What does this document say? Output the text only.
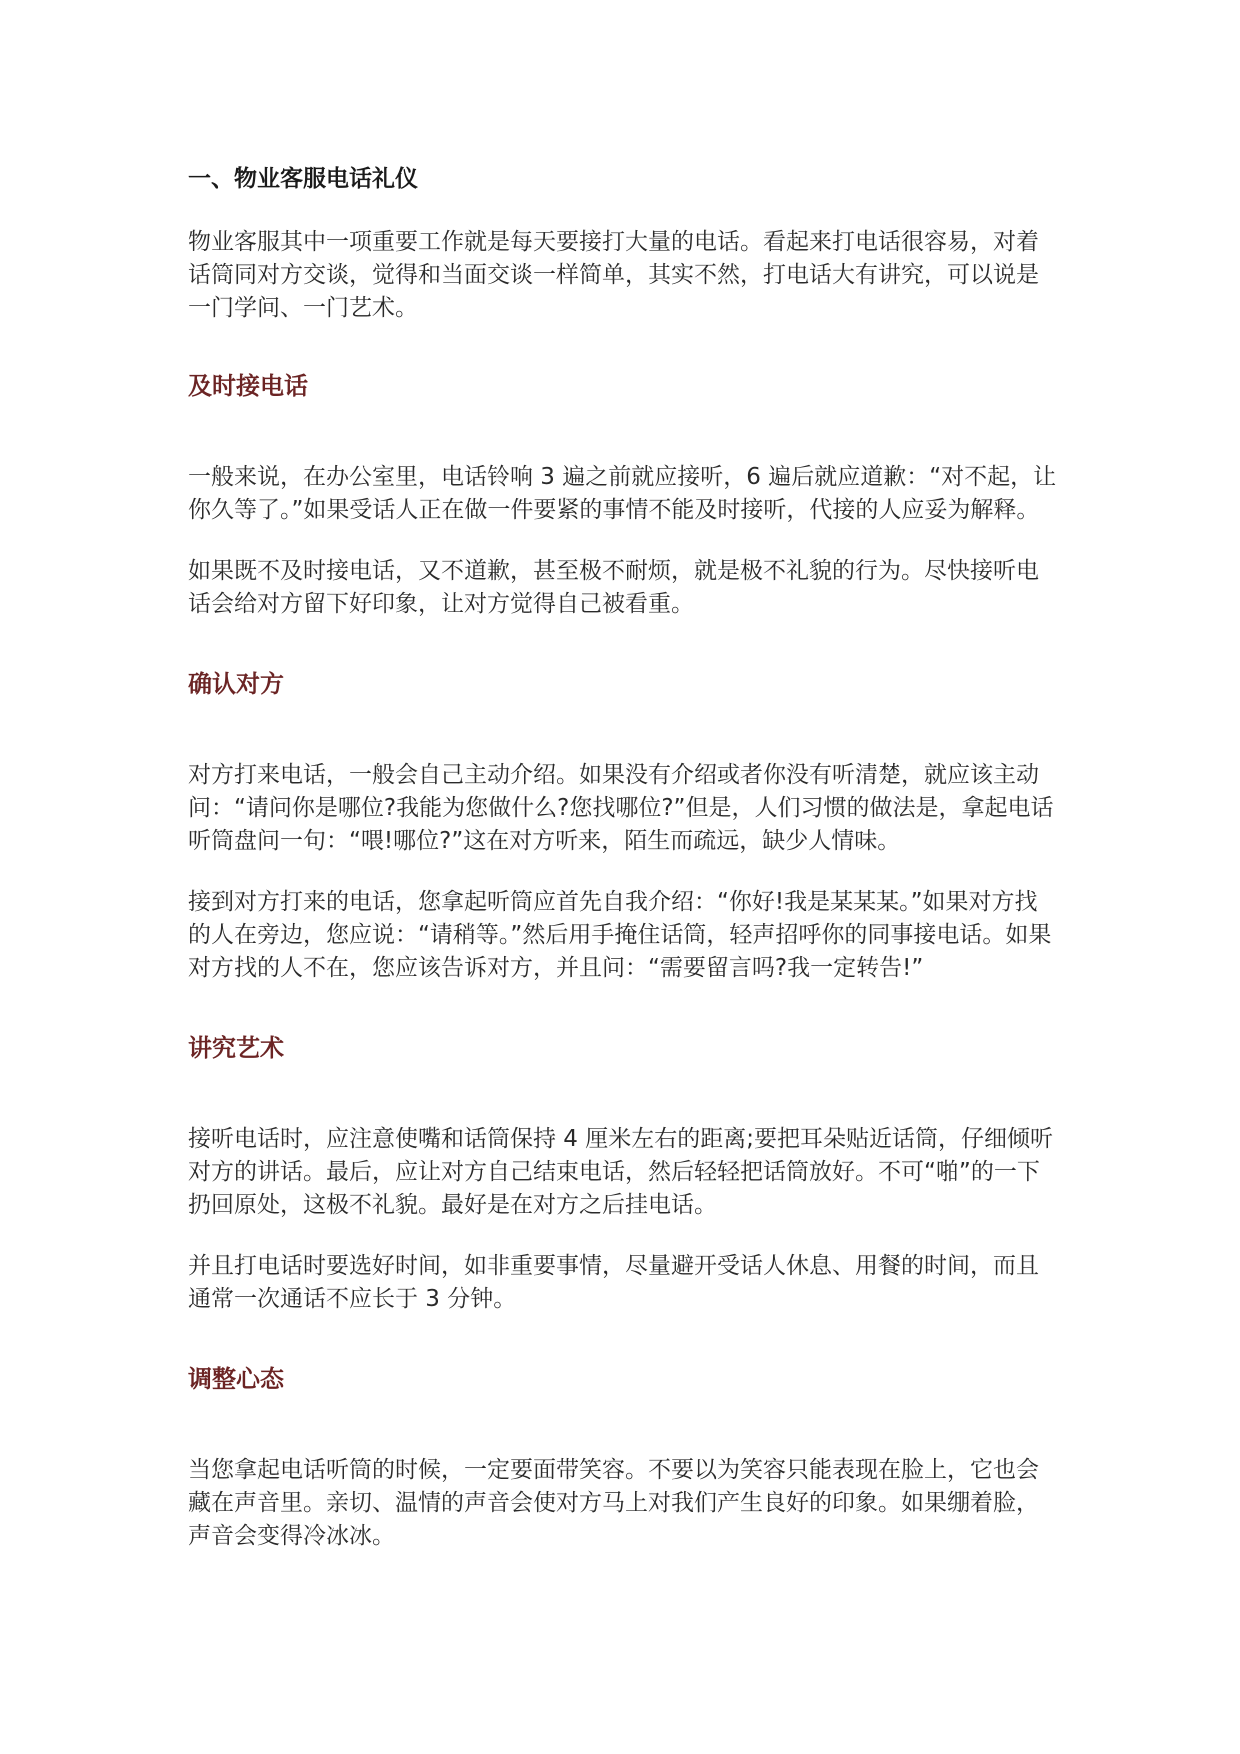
一、物业客服电话礼仪

物业客服其中一项重要工作就是每天要接打大量的电话。看起来打电话很容易，对着话筒同对方交谈，觉得和当面交谈一样简单，其实不然，打电话大有讲究，可以说是一门学问、一门艺术。

及时接电话

一般来说，在办公室里，电话铃响 3 遍之前就应接听，6 遍后就应道歉：“对不起，让你久等了。”如果受话人正在做一件要紧的事情不能及时接听，代接的人应妥为解释。

如果既不及时接电话，又不道歉，甚至极不耐烦，就是极不礼貌的行为。尽快接听电话会给对方留下好印象，让对方觉得自己被看重。

确认对方

对方打来电话，一般会自己主动介绍。如果没有介绍或者你没有听清楚，就应该主动问：“请问你是哪位?我能为您做什么?您找哪位?”但是，人们习惯的做法是，拿起电话听筒盘问一句：“喂!哪位?”这在对方听来，陌生而疏远，缺少人情味。

接到对方打来的电话，您拿起听筒应首先自我介绍：“你好!我是某某某。”如果对方找的人在旁边，您应说：“请稍等。”然后用手掩住话筒，轻声招呼你的同事接电话。如果对方找的人不在，您应该告诉对方，并且问：“需要留言吗?我一定转告!”

讲究艺术

接听电话时，应注意使嘴和话筒保持 4 厘米左右的距离;要把耳朵贴近话筒，仔细倾听对方的讲话。最后，应让对方自己结束电话，然后轻轻把话筒放好。不可“啪”的一下扔回原处，这极不礼貌。最好是在对方之后挂电话。

并且打电话时要选好时间，如非重要事情，尽量避开受话人休息、用餐的时间，而且通常一次通话不应长于 3 分钟。

调整心态

当您拿起电话听筒的时候，一定要面带笑容。不要以为笑容只能表现在脸上，它也会藏在声音里。亲切、温情的声音会使对方马上对我们产生良好的印象。如果绷着脸，声音会变得冷冰冰。
